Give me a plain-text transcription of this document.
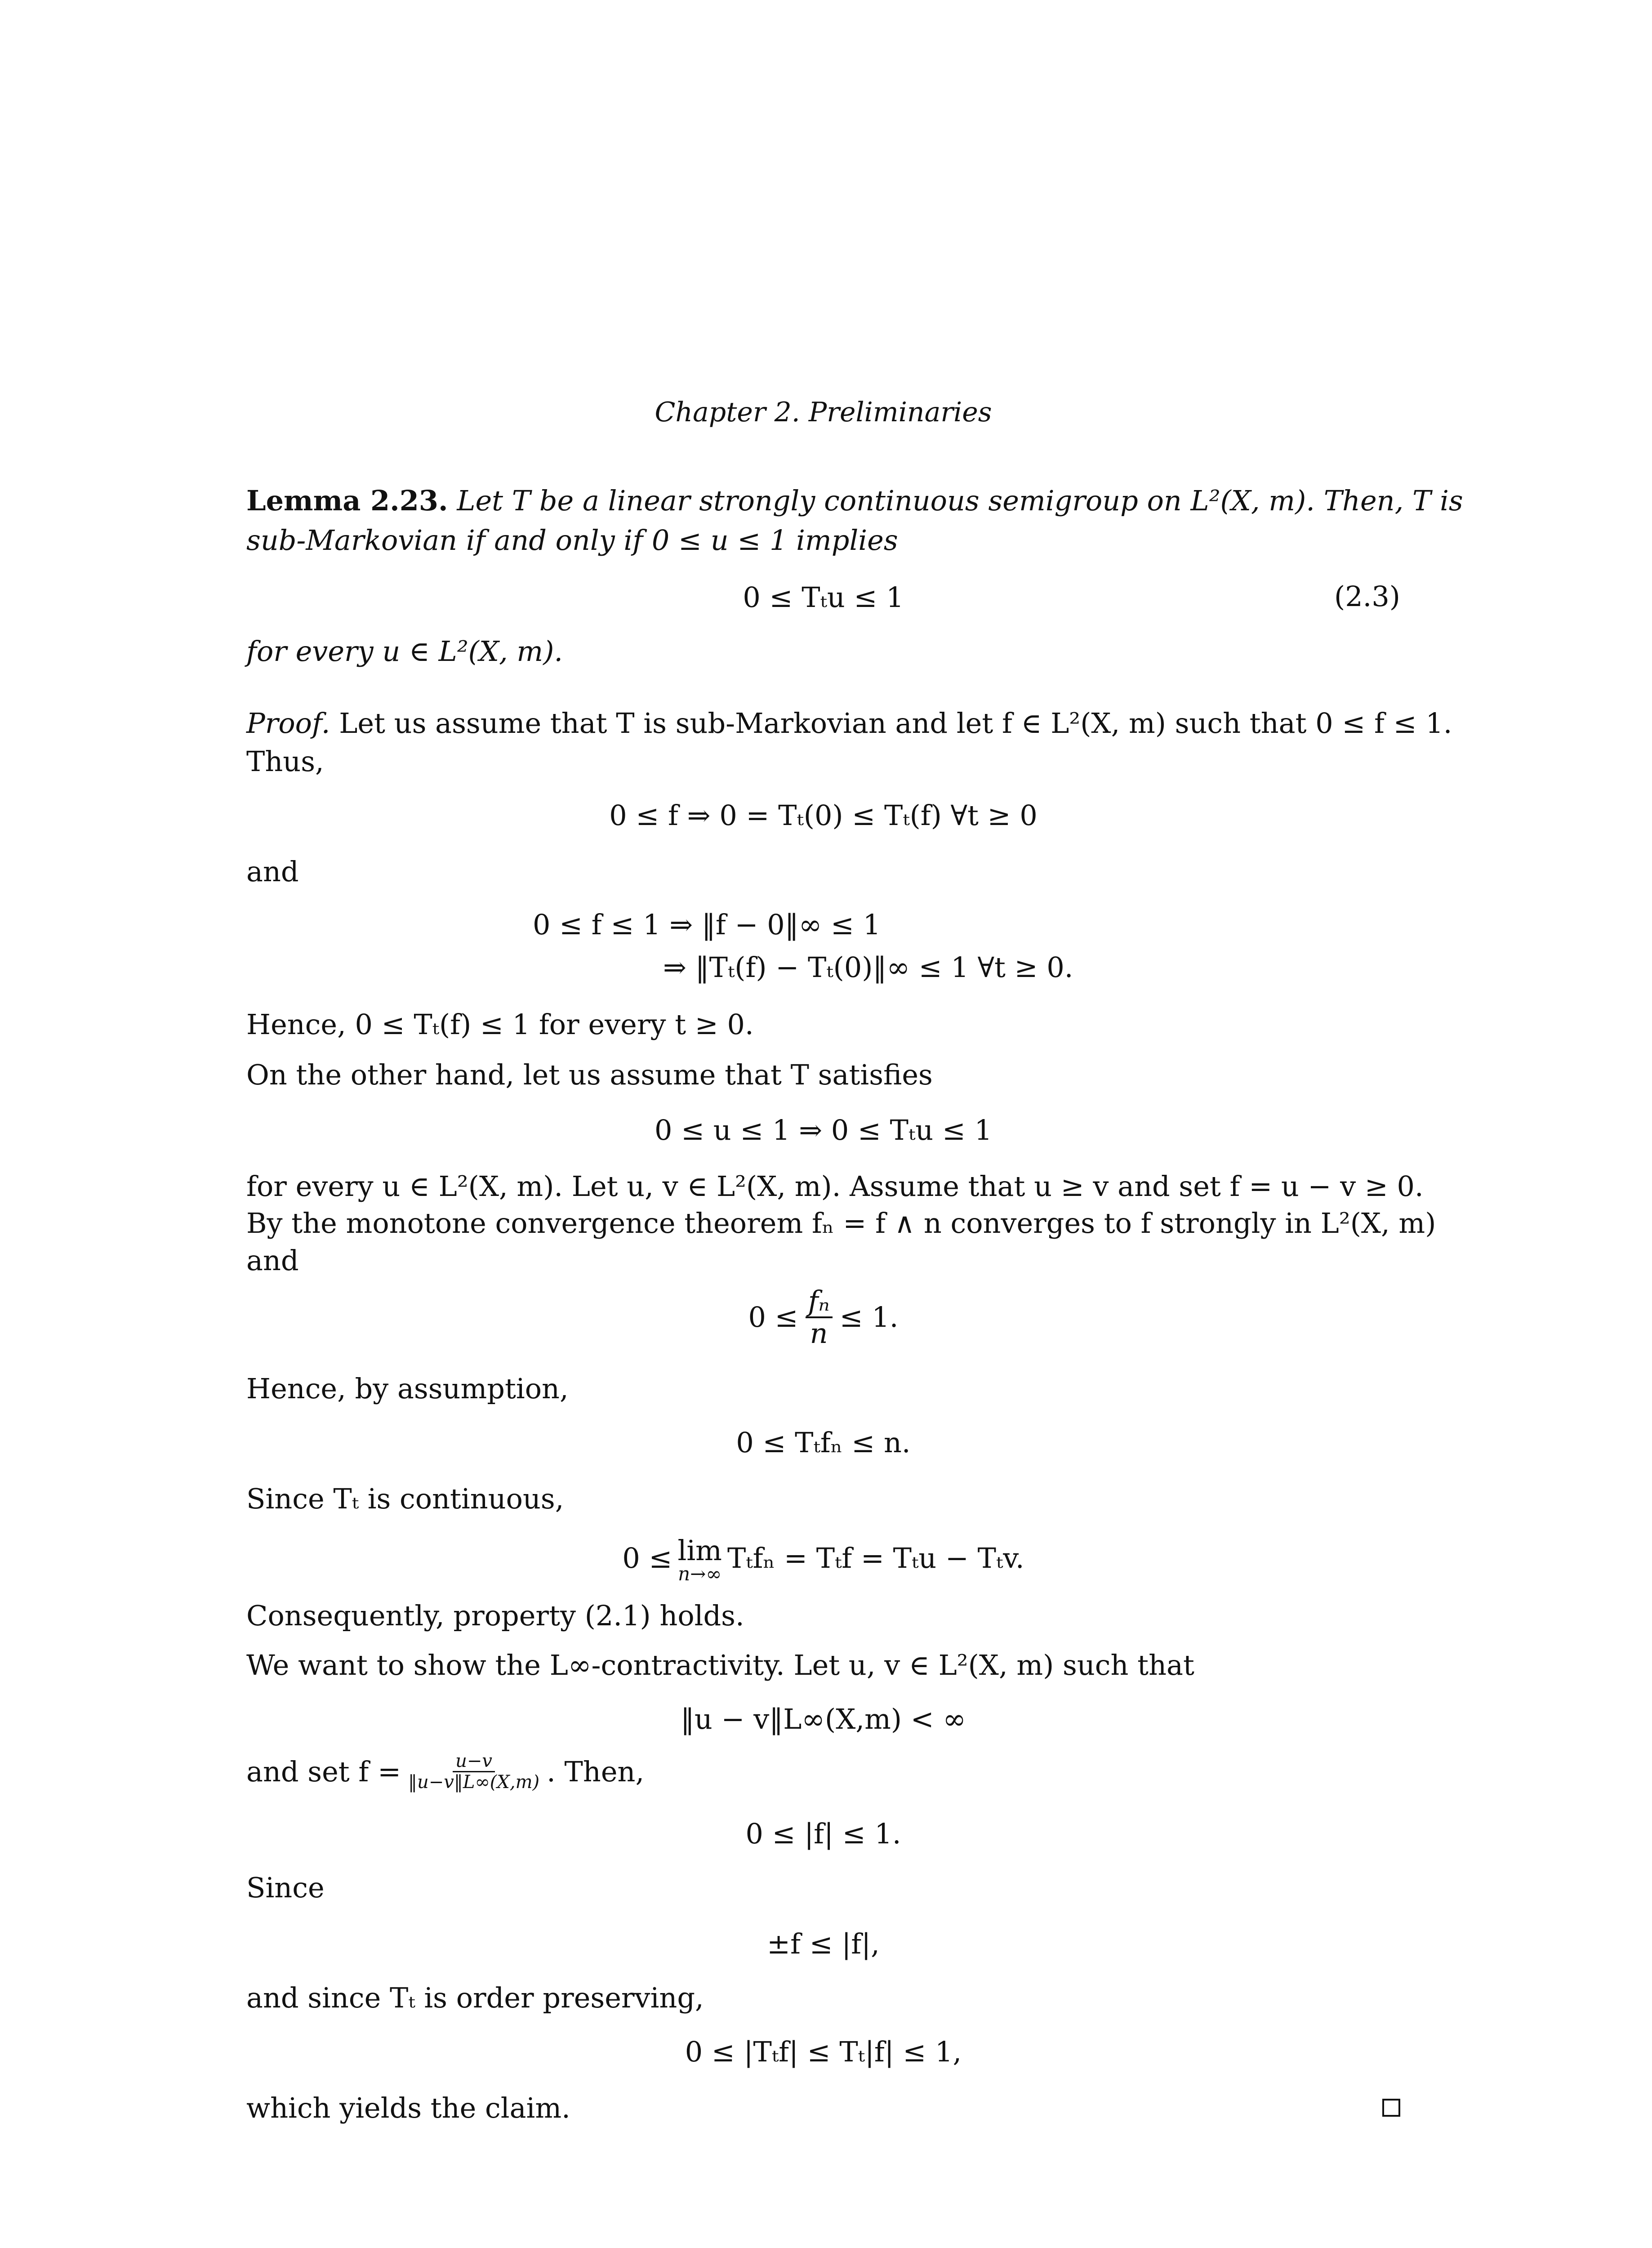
Chapter 2. Preliminaries
Lemma 2.23. Let T be a linear strongly continuous semigroup on L²(X, m). Then, T is
sub-Markovian if and only if 0 ≤ u ≤ 1 implies
0 ≤ Tₜu ≤ 1	(2.3)
for every u ∈ L²(X, m).
Proof. Let us assume that T is sub-Markovian and let f ∈ L²(X, m) such that 0 ≤ f ≤ 1.
Thus,
0 ≤ f ⇒ 0 = Tₜ(0) ≤ Tₜ(f) ∀t ≥ 0
and
0 ≤ f ≤ 1 ⇒ ‖f − 0‖∞ ≤ 1
⇒ ‖Tₜ(f) − Tₜ(0)‖∞ ≤ 1 ∀t ≥ 0.
Hence, 0 ≤ Tₜ(f) ≤ 1 for every t ≥ 0.
On the other hand, let us assume that T satisfies
0 ≤ u ≤ 1 ⇒ 0 ≤ Tₜu ≤ 1
for every u ∈ L²(X, m). Let u, v ∈ L²(X, m). Assume that u ≥ v and set f = u − v ≥ 0.
By the monotone convergence theorem fₙ = f ∧ n converges to f strongly in L²(X, m)
and
$0 \le \frac{\text{fₙ}}{n} \le 1$.
Hence, by assumption,
0 ≤ Tₜfₙ ≤ n.
Since Tₜ is continuous,
0 ≤ lim
n→∞ Tₜfₙ = Tₜf = Tₜu − Tₜv.
Consequently, property (2.1) holds.
We want to show the L∞-contractivity. Let u, v ∈ L²(X, m) such that
‖u − v‖L∞(X,m) < ∞
and set $f = \frac{u-v}{‖u-v‖L\infty(X,m)}$ . Then,
0 ≤ |f| ≤ 1.
Since
±f ≤ |f|,
and since Tₜ is order preserving,
0 ≤ |Tₜf| ≤ Tₜ|f| ≤ 1,
which yields the claim.
